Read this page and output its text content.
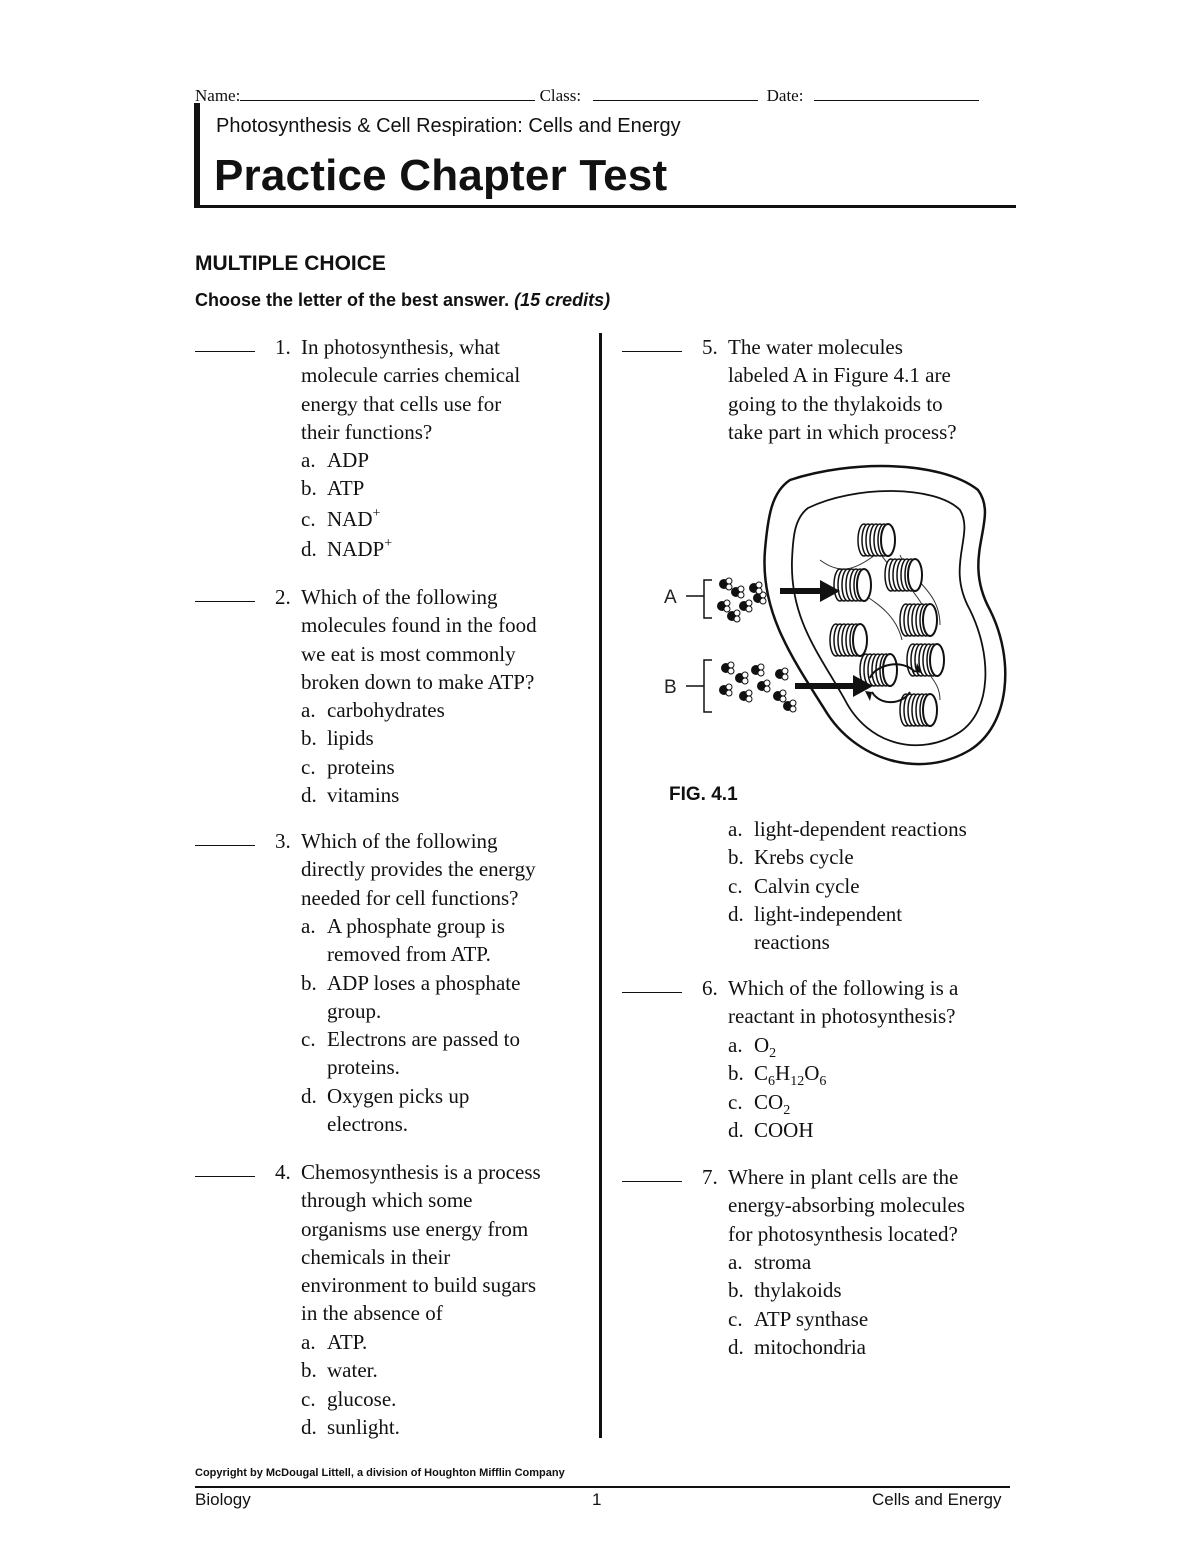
Name:	Class:	Date:
Photosynthesis & Cell Respiration: Cells and Energy
Practice Chapter Test
MULTIPLE CHOICE
Choose the letter of the best answer. (15 credits)
1. In photosynthesis, what
molecule carries chemical
energy that cells use for
their functions?
a. ADP
b. ATP
c. NAD+
d. NADP+
2. Which of the following
molecules found in the food
we eat is most commonly
broken down to make ATP?
a. carbohydrates
b. lipids
c. proteins
d. vitamins
3. Which of the following
directly provides the energy
needed for cell functions?
a. A phosphate group is
removed from ATP.
b. ADP loses a phosphate
group.
c. Electrons are passed to
proteins.
d. Oxygen picks up
electrons.
4. Chemosynthesis is a process
through which some
organisms use energy from
chemicals in their
environment to build sugars
in the absence of
a. ATP.
b. water.
c. glucose.
d. sunlight.
5. The water molecules
labeled A in Figure 4.1 are
going to the thylakoids to
take part in which process?
A
B
FIG. 4.1
a. light-dependent reactions
b. Krebs cycle
c. Calvin cycle
d. light-independent
reactions
6. Which of the following is a
reactant in photosynthesis?
a. $O_2$
b. $C_6H_{12}O_6$
c. $CO_2$
d. COOH
7. Where in plant cells are the
energy-absorbing molecules
for photosynthesis located?
a. stroma
b. thylakoids
c. ATP synthase
d. mitochondria
Copyright by McDougal Littell, a division of Houghton Mifflin Company
Biology	1	Cells and Energy
